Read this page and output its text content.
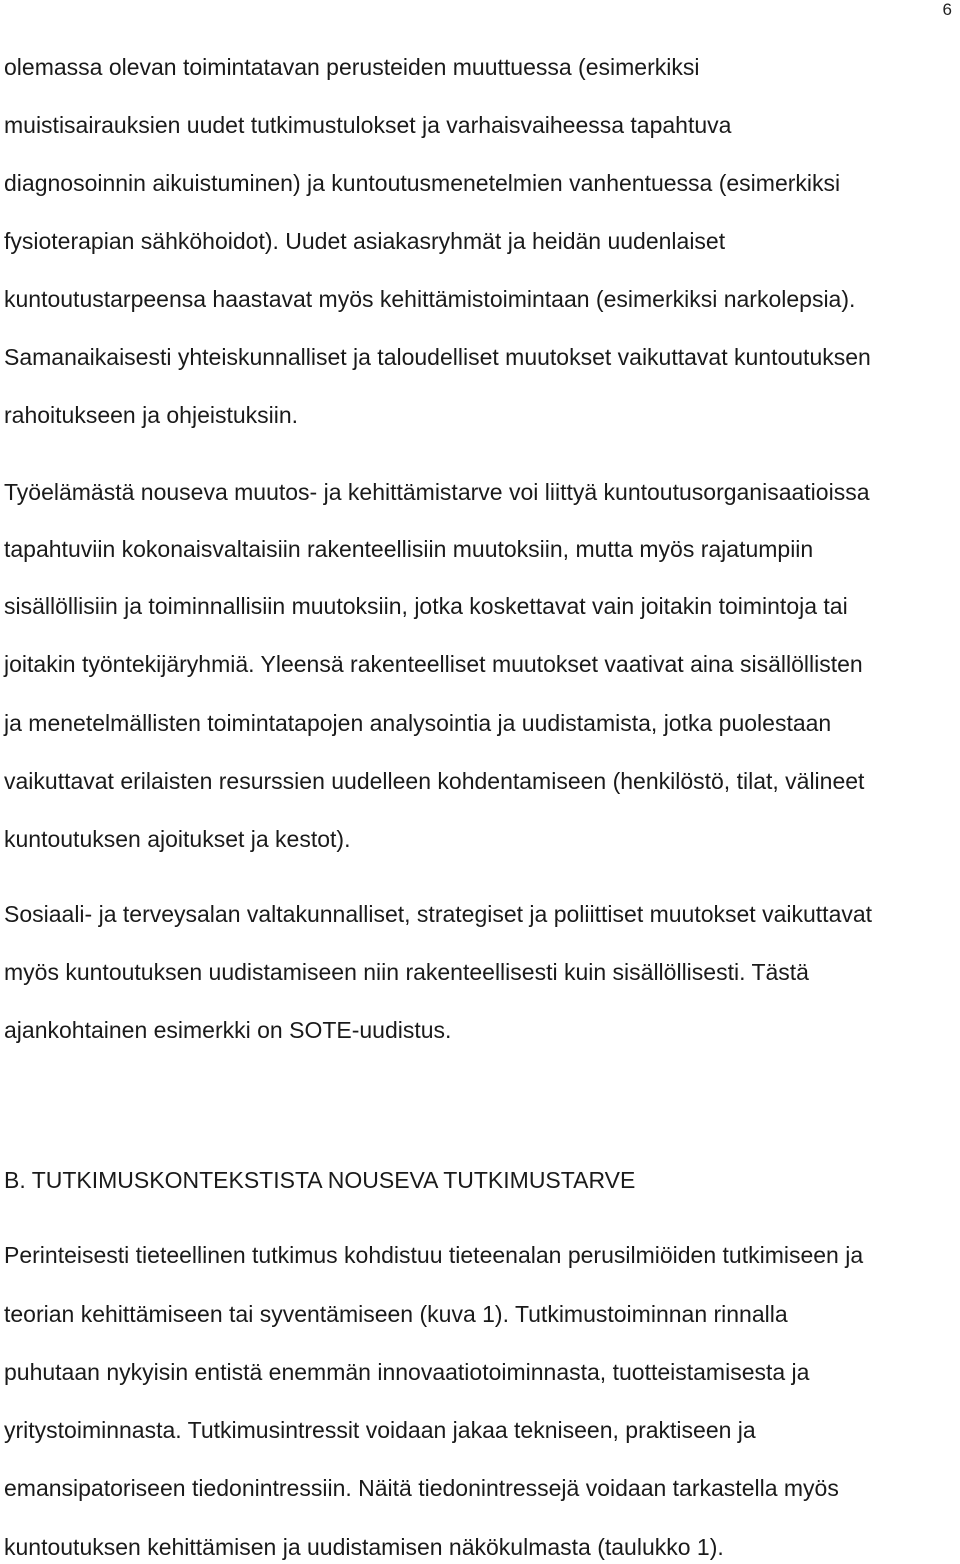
6
olemassa olevan toimintatavan perusteiden muuttuessa (esimerkiksi
muistisairauksien uudet tutkimustulokset ja varhaisvaiheessa tapahtuva
diagnosoinnin aikuistuminen) ja kuntoutusmenetelmien vanhentuessa (esimerkiksi
fysioterapian sähköhoidot). Uudet asiakasryhmät ja heidän uudenlaiset
kuntoutustarpeensa haastavat myös kehittämistoimintaan (esimerkiksi narkolepsia).
Samanaikaisesti yhteiskunnalliset ja taloudelliset muutokset vaikuttavat kuntoutuksen
rahoitukseen ja ohjeistuksiin.
Työelämästä nouseva muutos- ja kehittämistarve voi liittyä kuntoutusorganisaatioissa
tapahtuviin kokonaisvaltaisiin rakenteellisiin muutoksiin, mutta myös rajatumpiin
sisällöllisiin ja toiminnallisiin muutoksiin, jotka koskettavat vain joitakin toimintoja tai
joitakin työntekijäryhmiä. Yleensä rakenteelliset muutokset vaativat aina sisällöllisten
ja menetelmällisten toimintatapojen analysointia ja uudistamista, jotka puolestaan
vaikuttavat erilaisten resurssien uudelleen kohdentamiseen (henkilöstö, tilat, välineet
kuntoutuksen ajoitukset ja kestot).
Sosiaali- ja terveysalan valtakunnalliset, strategiset ja poliittiset muutokset vaikuttavat
myös kuntoutuksen uudistamiseen niin rakenteellisesti kuin sisällöllisesti. Tästä
ajankohtainen esimerkki on SOTE-uudistus.
B. TUTKIMUSKONTEKSTISTA NOUSEVA TUTKIMUSTARVE
Perinteisesti tieteellinen tutkimus kohdistuu tieteenalan perusilmiöiden tutkimiseen ja
teorian kehittämiseen tai syventämiseen (kuva 1). Tutkimustoiminnan rinnalla
puhutaan nykyisin entistä enemmän innovaatiotoiminnasta, tuotteistamisesta ja
yritystoiminnasta. Tutkimusintressit voidaan jakaa tekniseen, praktiseen ja
emansipatoriseen tiedonintressiin. Näitä tiedonintressejä voidaan tarkastella myös
kuntoutuksen kehittämisen ja uudistamisen näkökulmasta (taulukko 1).
